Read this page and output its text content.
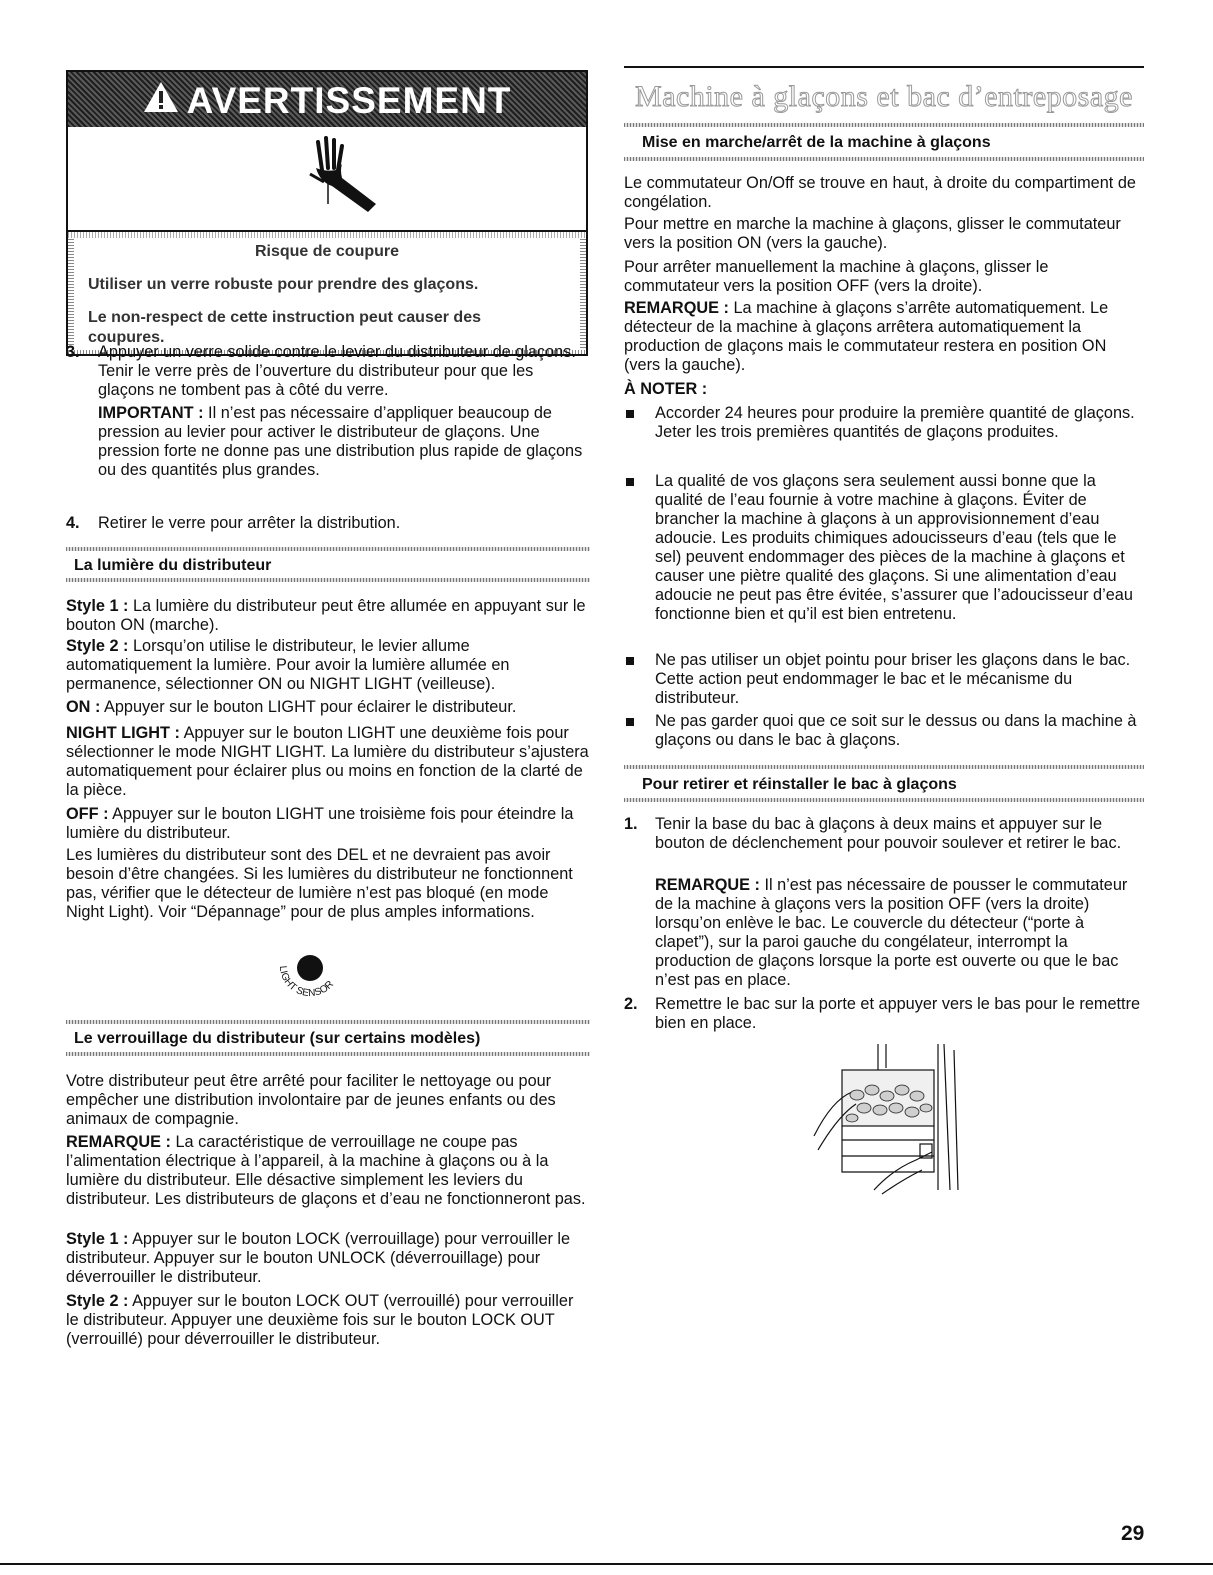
AVERTISSEMENT
Risque de coupure
Utiliser un verre robuste pour prendre des glaçons.
Le non-respect de cette instruction peut causer des coupures.
3. Appuyer un verre solide contre le levier du distributeur de glaçons. Tenir le verre près de l’ouverture du distributeur pour que les glaçons ne tombent pas à côté du verre.

IMPORTANT : Il n’est pas nécessaire d’appliquer beaucoup de pression au levier pour activer le distributeur de glaçons. Une pression forte ne donne pas une distribution plus rapide de glaçons ou des quantités plus grandes.

4. Retirer le verre pour arrêter la distribution.

La lumière du distributeur

Style 1 : La lumière du distributeur peut être allumée en appuyant sur le bouton ON (marche).

Style 2 : Lorsqu’on utilise le distributeur, le levier allume automatiquement la lumière. Pour avoir la lumière allumée en permanence, sélectionner ON ou NIGHT LIGHT (veilleuse).

ON : Appuyer sur le bouton LIGHT pour éclairer le distributeur.

NIGHT LIGHT : Appuyer sur le bouton LIGHT une deuxième fois pour sélectionner le mode NIGHT LIGHT. La lumière du distributeur s’ajustera automatiquement pour éclairer plus ou moins en fonction de la clarté de la pièce.

OFF : Appuyer sur le bouton LIGHT une troisième fois pour éteindre la lumière du distributeur.

Les lumières du distributeur sont des DEL et ne devraient pas avoir besoin d’être changées. Si les lumières du distributeur ne fonctionnent pas, vérifier que le détecteur de lumière n’est pas bloqué (en mode Night Light). Voir “Dépannage” pour de plus amples informations.

LIGHT SENSOR
Le verrouillage du distributeur (sur certains modèles)

Votre distributeur peut être arrêté pour faciliter le nettoyage ou pour empêcher une distribution involontaire par de jeunes enfants ou des animaux de compagnie.

REMARQUE : La caractéristique de verrouillage ne coupe pas l’alimentation électrique à l’appareil, à la machine à glaçons ou à la lumière du distributeur. Elle désactive simplement les leviers du distributeur. Les distributeurs de glaçons et d’eau ne fonctionneront pas.

Style 1 : Appuyer sur le bouton LOCK (verrouillage) pour verrouiller le distributeur. Appuyer sur le bouton UNLOCK (déverrouillage) pour déverrouiller le distributeur.

Style 2 : Appuyer sur le bouton LOCK OUT (verrouillé) pour verrouiller le distributeur. Appuyer une deuxième fois sur le bouton LOCK OUT (verrouillé) pour déverrouiller le distributeur.

Machine à glaçons et bac d’entreposage
Mise en marche/arrêt de la machine à glaçons

Le commutateur On/Off se trouve en haut, à droite du compartiment de congélation.

Pour mettre en marche la machine à glaçons, glisser le commutateur vers la position ON (vers la gauche).

Pour arrêter manuellement la machine à glaçons, glisser le commutateur vers la position OFF (vers la droite).

REMARQUE : La machine à glaçons s’arrête automatiquement. Le détecteur de la machine à glaçons arrêtera automatiquement la production de glaçons mais le commutateur restera en position ON (vers la gauche).

À NOTER :

Accorder 24 heures pour produire la première quantité de glaçons. Jeter les trois premières quantités de glaçons produites.

La qualité de vos glaçons sera seulement aussi bonne que la qualité de l’eau fournie à votre machine à glaçons. Éviter de brancher la machine à glaçons à un approvisionnement d’eau adoucie. Les produits chimiques adoucisseurs d’eau (tels que le sel) peuvent endommager des pièces de la machine à glaçons et causer une piètre qualité des glaçons. Si une alimentation d’eau adoucie ne peut pas être évitée, s’assurer que l’adoucisseur d’eau fonctionne bien et qu’il est bien entretenu.

Ne pas utiliser un objet pointu pour briser les glaçons dans le bac. Cette action peut endommager le bac et le mécanisme du distributeur.

Ne pas garder quoi que ce soit sur le dessus ou dans la machine à glaçons ou dans le bac à glaçons.

Pour retirer et réinstaller le bac à glaçons
1. Tenir la base du bac à glaçons à deux mains et appuyer sur le bouton de déclenchement pour pouvoir soulever et retirer le bac.

REMARQUE : Il n’est pas nécessaire de pousser le commutateur de la machine à glaçons vers la position OFF (vers la droite) lorsqu’on enlève le bac. Le couvercle du détecteur (“porte à clapet”), sur la paroi gauche du congélateur, interrompt la production de glaçons lorsque la porte est ouverte ou que le bac n’est pas en place.

2. Remettre le bac sur la porte et appuyer vers le bas pour le remettre bien en place.

29
